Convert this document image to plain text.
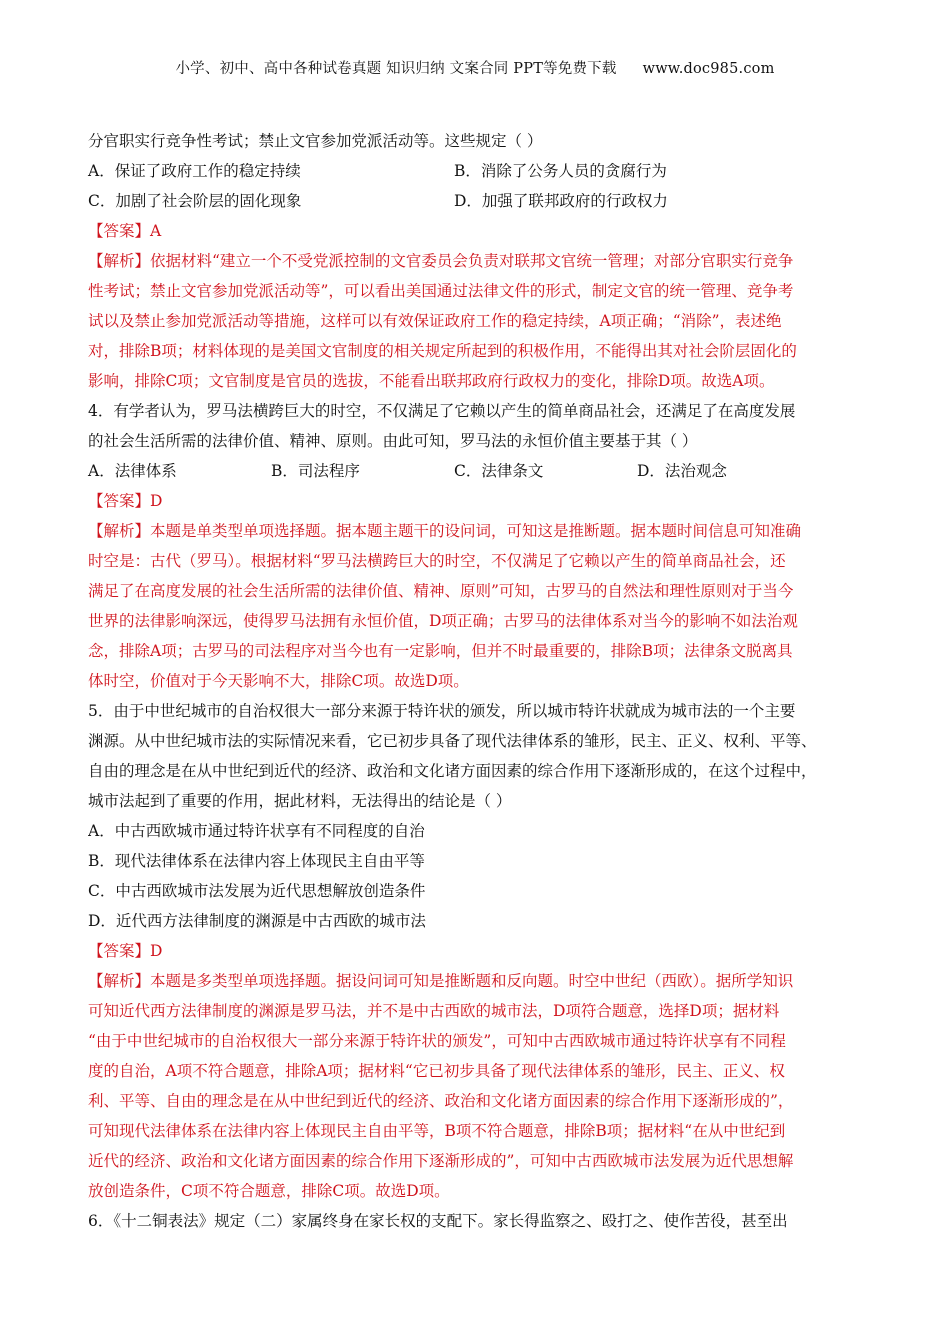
小学、初中、高中各种试卷真题 知识归纳 文案合同 PPT等免费下载 www.doc985.com
分官职实行竞争性考试；禁止文官参加党派活动等。这些规定（ ）
A．保证了政府工作的稳定持续	B．消除了公务人员的贪腐行为
C．加剧了社会阶层的固化现象	D．加强了联邦政府的行政权力
【答案】A
【解析】依据材料“建立一个不受党派控制的文官委员会负责对联邦文官统一管理；对部分官职实行竞争
性考试；禁止文官参加党派活动等”，可以看出美国通过法律文件的形式，制定文官的统一管理、竞争考
试以及禁止参加党派活动等措施，这样可以有效保证政府工作的稳定持续，A项正确；“消除”，表述绝
对，排除B项；材料体现的是美国文官制度的相关规定所起到的积极作用，不能得出其对社会阶层固化的
影响，排除C项；文官制度是官员的选拔，不能看出联邦政府行政权力的变化，排除D项。故选A项。
4．有学者认为，罗马法横跨巨大的时空，不仅满足了它赖以产生的简单商品社会，还满足了在高度发展
的社会生活所需的法律价值、精神、原则。由此可知，罗马法的永恒价值主要基于其（ ）
A．法律体系	B．司法程序	C．法律条文	D．法治观念
【答案】D
【解析】本题是单类型单项选择题。据本题主题干的设问词，可知这是推断题。据本题时间信息可知准确
时空是：古代（罗马）。根据材料“罗马法横跨巨大的时空，不仅满足了它赖以产生的简单商品社会，还
满足了在高度发展的社会生活所需的法律价值、精神、原则”可知，古罗马的自然法和理性原则对于当今
世界的法律影响深远，使得罗马法拥有永恒价值，D项正确；古罗马的法律体系对当今的影响不如法治观
念，排除A项；古罗马的司法程序对当今也有一定影响，但并不时最重要的，排除B项；法律条文脱离具
体时空，价值对于今天影响不大，排除C项。故选D项。
5．由于中世纪城市的自治权很大一部分来源于特许状的颁发，所以城市特许状就成为城市法的一个主要
渊源。从中世纪城市法的实际情况来看，它已初步具备了现代法律体系的雏形，民主、正义、权利、平等、
自由的理念是在从中世纪到近代的经济、政治和文化诸方面因素的综合作用下逐渐形成的，在这个过程中，
城市法起到了重要的作用，据此材料，无法得出的结论是（ ）
A．中古西欧城市通过特许状享有不同程度的自治
B．现代法律体系在法律内容上体现民主自由平等
C．中古西欧城市法发展为近代思想解放创造条件
D．近代西方法律制度的渊源是中古西欧的城市法
【答案】D
【解析】本题是多类型单项选择题。据设问词可知是推断题和反向题。时空中世纪（西欧）。据所学知识
可知近代西方法律制度的渊源是罗马法，并不是中古西欧的城市法，D项符合题意，选择D项；据材料
“由于中世纪城市的自治权很大一部分来源于特许状的颁发”，可知中古西欧城市通过特许状享有不同程
度的自治，A项不符合题意，排除A项；据材料“它已初步具备了现代法律体系的雏形，民主、正义、权
利、平等、自由的理念是在从中世纪到近代的经济、政治和文化诸方面因素的综合作用下逐渐形成的”，
可知现代法律体系在法律内容上体现民主自由平等，B项不符合题意，排除B项；据材料“在从中世纪到
近代的经济、政治和文化诸方面因素的综合作用下逐渐形成的”，可知中古西欧城市法发展为近代思想解
放创造条件，C项不符合题意，排除C项。故选D项。
6．《十二铜表法》规定（二）家属终身在家长权的支配下。家长得监察之、殴打之、使作苦役，甚至出
